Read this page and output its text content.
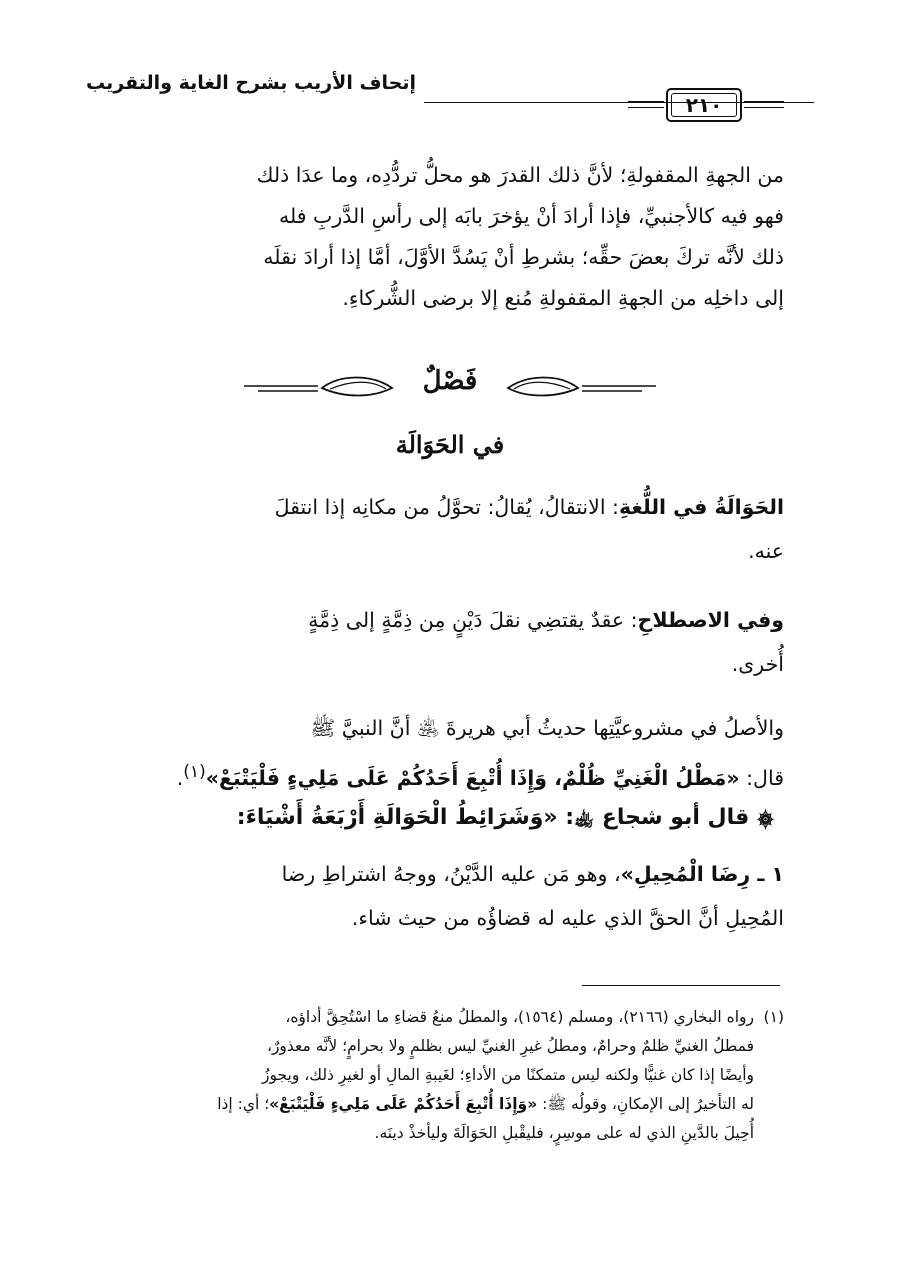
إتحاف الأريب بشرح الغاية والتقريب
٢١٠
من الجهةِ المقفولةِ؛ لأنَّ ذلك القدرَ هو محلُّ تردُّدِه، وما عدَا ذلك
فهو فيه كالأجنبيِّ، فإذا أرادَ أنْ يؤخرَ بابَه إلى رأسِ الدَّربِ فله
ذلك لأنَّه تركَ بعضَ حقِّه؛ بشرطِ أنْ يَسُدَّ الأوَّلَ، أمَّا إذا أرادَ نقلَه
إلى داخلِه من الجهةِ المقفولةِ مُنع إلا برضى الشُّركاءِ.
فَصْلٌ
في الحَوَالَة
الحَوَالَةُ في اللُّغةِ: الانتقالُ، يُقالُ: تحوَّلُ من مكانِه إذا انتقلَ
عنه.
وفي الاصطلاحِ: عقدٌ يقتضِي نقلَ دَيْنٍ مِن ذِمَّةٍ إلى ذِمَّةٍ
أُخرى.
والأصلُ في مشروعيَّتِها حديثُ أبي هريرةَ ﵁ أنَّ النبيَّ ﷺ
قال: «مَطْلُ الْغَنِيِّ ظُلْمٌ، وَإِذَا أُتْبِعَ أَحَدُكُمْ عَلَى مَلِيءٍ فَلْيَتْبَعْ»$^{(١)}$.
۞ قال أبو شجاع ﵀: «وَشَرَائِطُ الْحَوَالَةِ أَرْبَعَةُ أَشْيَاءَ:
١ ـ رِضَا الْمُحِيلِ»، وهو مَن عليه الدَّيْنُ، ووجهُ اشتراطِ رضا
المُحِيلِ أنَّ الحقَّ الذي عليه له قضاؤُه من حيث شاء.
(١)رواه البخاري (٢١٦٦)، ومسلم (١٥٦٤)، والمطلُ منعُ قضاءِ ما اسْتُحِقَّ أداؤه،
فمطلُ الغنيِّ ظلمٌ وحرامٌ، ومطلُ غيرِ الغنيِّ ليس بظلمٍ ولا بحرامٍ؛ لأنَّه معذورٌ،
وأيضًا إذا كان غنيًّا ولكنه ليس متمكنًا من الأداءِ؛ لغَيبةِ المالِ أو لغيرِ ذلك، ويجوزُ
له التأخيرُ إلى الإمكانِ، وقولُه ﷺ: «وَإِذَا أُتْبِعَ أَحَدُكُمْ عَلَى مَلِيءٍ فَلْيَتْبَعْ»؛ أي: إذا
أُحِيلَ بالدَّينِ الذي له على موسِرٍ، فليقْبلِ الحَوَالَةَ وليأخذْ دينَه.
